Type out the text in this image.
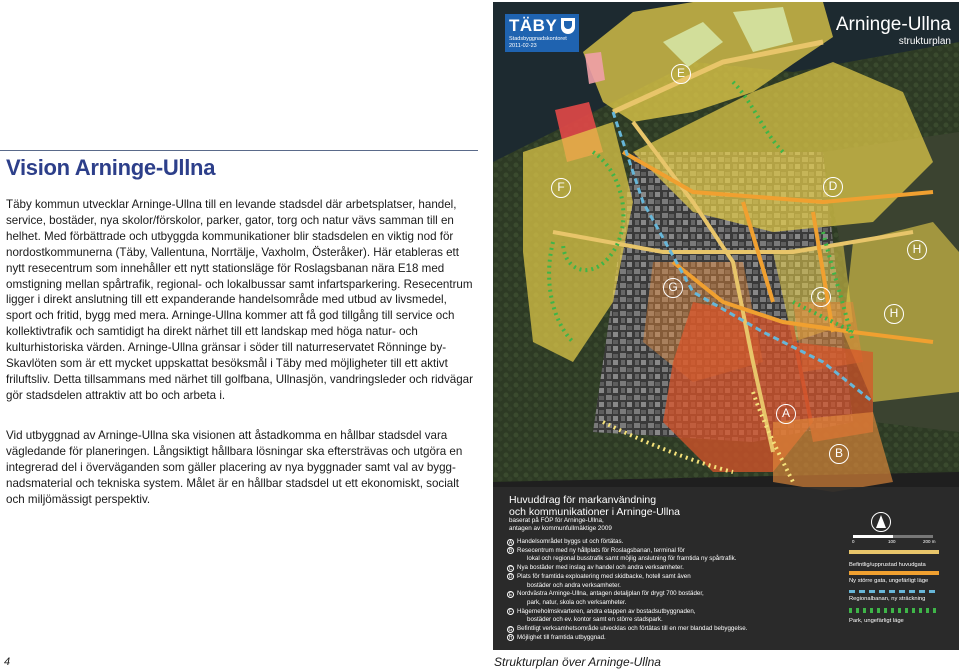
Vision Arninge-Ullna

Täby kommun utvecklar Arninge-Ullna till en levande stadsdel där arbetsplatser, handel, service, bostäder, nya skolor/förskolor, parker, gator, torg och natur vävs samman till en helhet. Med förbättrade och utbyggda kommunikationer blir stadsdelen en viktig nod för nordostkommunerna (Täby, Vallentuna, Norrtälje, Vaxholm, Österåker). Här etableras ett nytt resecentrum som innehåller ett nytt stationsläge för Roslagsbanan nära E18 med omstigning mellan spårtrafik, regional- och lokalbussar samt infartsparkering. Resecentrum ligger i direkt anslutning till ett expanderande handelsområde med utbud av livsmedel, sport och fritid, bygg med mera. Arninge-Ullna kommer att få god tillgång till service och kollektivtrafik och samtidigt ha direkt närhet till ett landskap med höga natur- och kulturhistoriska värden. Arninge-Ullna gränsar i söder till naturreservatet Rönninge by-Skavlöten som är ett mycket uppskattat besöksmål i Täby med möjligheter till ett aktivt friluftsliv. Detta tillsammans med närhet till golfbana, Ullnasjön, vandringsleder och ridvägar gör stadsdelen attraktiv att bo och arbeta i.

Vid utbyggnad av Arninge-Ullna ska visionen att åstadkomma en hållbar stadsdel vara vägledande för planeringen. Långsiktigt hållbara lösningar ska eftersträvas och utgöra en integrerad del i överväganden som gäller placering av nya byggnader samt val av bygg-nadsmaterial och tekniska system. Målet är en hållbar stadsdel ut ett ekonomiskt, socialt och miljömässigt perspektiv.

4
TÄBY
Stadsbyggnadskontoret
2011-02-23
Arninge-Ullna
strukturplan
A
B
C
D
E
F
G
H
H
Huvuddrag för markanvändning
och kommunikationer i Arninge-Ullna
baserat på FÖP för Arninge-Ullna,
antagen av kommunfullmäktige 2009
A Handelsområdet byggs ut och förtätas.
B Resecentrum med ny hållplats för Roslagsbanan, terminal för
lokal och regional busstrafik samt möjlig anslutning för framtida ny spårtrafik.
C Nya bostäder med inslag av handel och andra verksamheter.
D Plats för framtida exploatering med skidbacke, hotell samt även
bostäder och andra verksamheter.
E Nordvästra Arninge-Ullna, antagen detaljplan för drygt 700 bostäder,
park, natur, skola och verksamheter.
F Hägerneholmskvarteren, andra etappen av bostadsutbyggnaden,
bostäder och ev. kontor samt en större stadspark.
G Befintligt verksamhetsområde utvecklas och förtätas till en mer blandad bebyggelse.
H Möjlighet till framtida utbyggnad.
0	100	200 m
Befintlig/upprustad huvudgata
Ny större gata, ungefärligt läge
Regionalbanan, ny sträckning
Park, ungefärligt läge
Strukturplan över Arninge-Ullna
